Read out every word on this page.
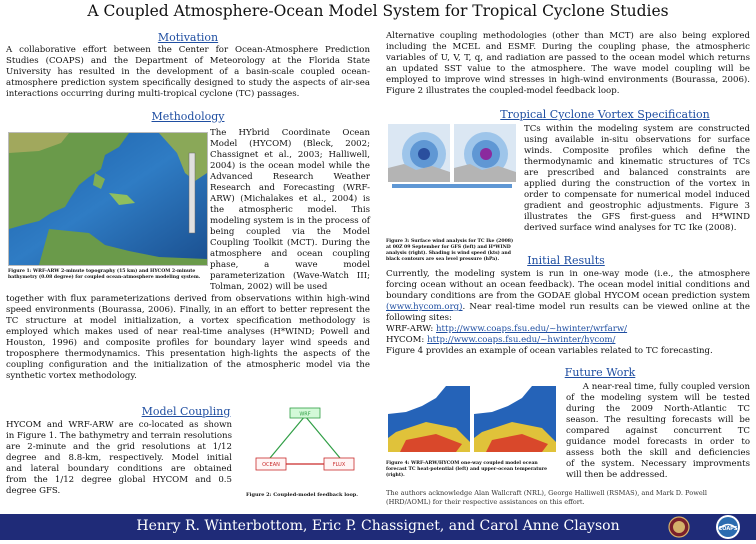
A Coupled Atmosphere-Ocean Model System for Tropical Cyclone Studies
Motivation
A collaborative effort between the Center for Ocean-Atmosphere Prediction Studies (COAPS) and the Department of Meteorology at the Florida State University has resulted in the development of a basin-scale coupled ocean-atmosphere prediction system specifically designed to study the aspects of air-sea interactions occurring during multi-tropical cyclone (TC) passages.
Methodology
Figure 1: WRF-ARW 2-minute topography (15 km) and HYCOM 2-minute bathymetry (0.08 degree) for coupled ocean-atmosphere modeling system.
The HYbrid Coordinate Ocean
Model (HYCOM) (Bleck, 2002;
Chassignet et al., 2003; Halliwell,
2004) is the ocean model while the
Advanced Research Weather
Research and Forecasting (WRF-
ARW) (Michalakes et al., 2004) is
the atmospheric model. This
modeling system is in the process of
being coupled via the Model
Coupling Toolkit (MCT). During the
atmosphere and ocean coupling
phase, a wave model
parameterization (Wave-Watch III;
Tolman, 2002) will be used
together with flux parameterizations derived from observations within high-wind speed environments (Bourassa, 2006). Finally, in an effort to better represent the TC structure at model initialization, a vortex specification methodology is employed which makes used of near real-time analyses (H*WIND; Powell and Houston, 1996) and composite profiles for boundary layer wind speeds and troposphere thermodynamics. This presentation high-lights the aspects of the coupling configuration and the initialization of the atmospheric model via the synthetic vortex methodology.
Model Coupling
HYCOM and WRF-ARW are co-located as shown
in Figure 1. The bathymetry and terrain resolutions
are 2-minute and the grid resolutions at 1/12
degree and 8.8-km, respectively. Model initial
and lateral boundary conditions are obtained
from the 1/12 degree global HYCOM and 0.5
degree GFS.
WRF
OCEAN	FLUX
Figure 2: Coupled-model feedback loop.
Alternative coupling methodologies (other than MCT) are also being explored including the MCEL and ESMF. During the coupling phase, the atmospheric variables of U, V, T, q, and radiation are passed to the ocean model which returns an updated SST value to the atmosphere. The wave model coupling will be employed to improve wind stresses in high-wind environments (Bourassa, 2006). Figure 2 illustrates the coupled-model feedback loop.
Tropical Cyclone Vortex Specification
Figure 3: Surface wind analysis for TC Ike (2008) at 00Z 09 September for GFS (left) and H*WIND analysis (right). Shading is wind speed (kts) and black contours are sea level pressure (hPa).
TCs within the modeling system are constructed
using available in-situ observations for surface
winds. Composite profiles which define the
thermodynamic and kinematic structures of TCs
are prescribed and balanced constraints are
applied during the construction of the vortex in
order to compensate for numerical model induced
gradient and geostrophic adjustments. Figure 3
illustrates the GFS first-guess and H*WIND
derived surface wind analyses for TC Ike (2008).
Initial Results
Currently, the modeling system is run in one-way mode (i.e., the atmosphere forcing ocean without an ocean feedback). The ocean model initial conditions and boundary conditions are from the GODAE global HYCOM ocean prediction system (www.hycom.org). Near real-time model run results can be viewed online at the following sites:
WRF-ARW: http://www.coaps.fsu.edu/~hwinter/wrfarw/
HYCOM: http://www.coaps.fsu.edu/~hwinter/hycom/
Figure 4 provides an example of ocean variables related to TC forecasting.
Future Work
Figure 4: WRF-ARW/HYCOM one-way coupled model ocean forecast TC heat-potential (left) and upper-ocean temperature (right).
A near-real time, fully coupled version
of the modeling system will be tested
during the 2009 North-Atlantic TC
season. The resulting forecasts will be
compared against concurrent TC
guidance model forecasts in order to
assess both the skill and deficiencies
of the system. Necessary improvments
will then be addressed.
The authors acknowledge Alan Wallcraft (NRL), George Halliwell (RSMAS), and Mark D. Powell (HRD/AOML) for their respective assistances on this effort.
Henry R. Winterbottom, Eric P. Chassignet, and Carol Anne Clayson	COAPS
